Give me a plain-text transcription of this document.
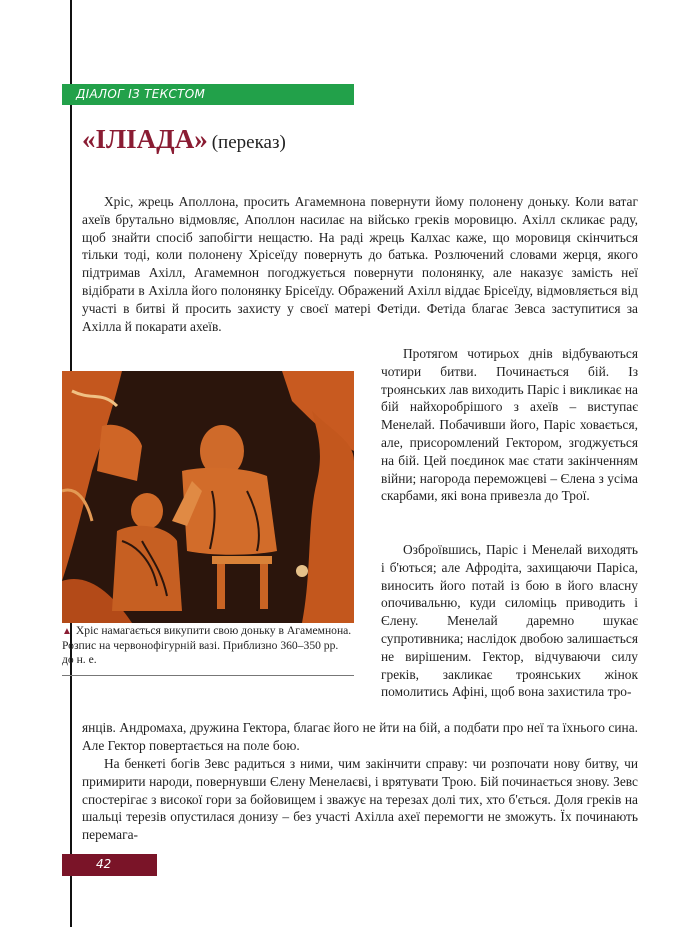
ДІАЛОГ ІЗ ТЕКСТОМ
«ІЛІАДА» (переказ)

Хріс, жрець Аполлона, просить Агамемнона повернути йому полонену доньку. Коли ватаг ахеїв брутально відмовляє, Аполлон насилає на військо греків моровицю. Ахілл скликає раду, щоб знайти спосіб запобігти нещастю. На раді жрець Калхас каже, що моровиця скінчиться тільки тоді, коли полонену Хрісеїду повернуть до батька. Розлючений словами жерця, якого підтримав Ахілл, Агамемнон погоджується повернути полонянку, але наказує замість неї відібрати в Ахілла його полонянку Брісеїду. Ображений Ахілл віддає Брісеїду, відмовляється від участі в битві й просить захисту у своєї матері Фетіди. Фетіда благає Зевса заступитися за Ахілла й покарати ахеїв.

Протягом чотирьох днів відбуваються чотири битви. Починається бій. Із троянських лав виходить Паріс і викликає на бій найхоробрішого з ахеїв – виступає Менелай. Побачивши його, Паріс ховається, але, присоромлений Гектором, згоджується на бій. Цей поєдинок має стати закінченням війни; нагорода переможцеві – Єлена з усіма скарбами, які вона привезла до Трої.

Озброївшись, Паріс і Менелай виходять і б'ються; але Афродіта, захищаючи Паріса, виносить його потай із бою в його власну опочивальню, куди силоміць приводить і Єлену. Менелай даремно шукає супротивника; наслідок двобою залишається не вирішеним. Гектор, відчуваючи силу греків, закликає троянських жінок помолитись Афіні, щоб вона захистила тро-

янців. Андромаха, дружина Гектора, благає його не йти на бій, а подбати про неї та їхнього сина. Але Гектор повертається на поле бою.

На бенкеті богів Зевс радиться з ними, чим закінчити справу: чи розпочати нову битву, чи примирити народи, повернувши Єлену Менелаєві, і врятувати Трою. Бій починається знову. Зевс спостерігає з високої гори за бойовищем і зважує на терезах долі тих, хто б'ється. Доля греків на шальці терезів опустилася донизу – без участі Ахілла ахеї перемогти не зможуть. Їх починають перемага-

▲ Хріс намагається викупити свою доньку в Агамемнона. Розпис на червонофігурній вазі. Приблизно 360–350 рр. до н. е.
42
